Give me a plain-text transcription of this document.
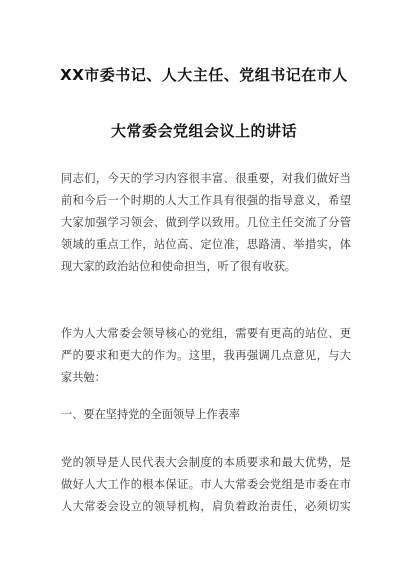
XX市委书记、人大主任、党组书记在市人
大常委会党组会议上的讲话
同志们，今天的学习内容很丰富、很重要，对我们做好当
前和今后一个时期的人大工作具有很强的指导意义，希望
大家加强学习领会、做到学以致用。几位主任交流了分管
领域的重点工作，站位高、定位准，思路清、举措实，体
现大家的政治站位和使命担当，听了很有收获。
作为人大常委会领导核心的党组，需要有更高的站位、更
严的要求和更大的作为。这里，我再强调几点意见，与大
家共勉：
一、要在坚持党的全面领导上作表率
党的领导是人民代表大会制度的本质要求和最大优势，是
做好人大工作的根本保证。市人大常委会党组是市委在市
人大常委会设立的领导机构，肩负着政治责任，必须切实
